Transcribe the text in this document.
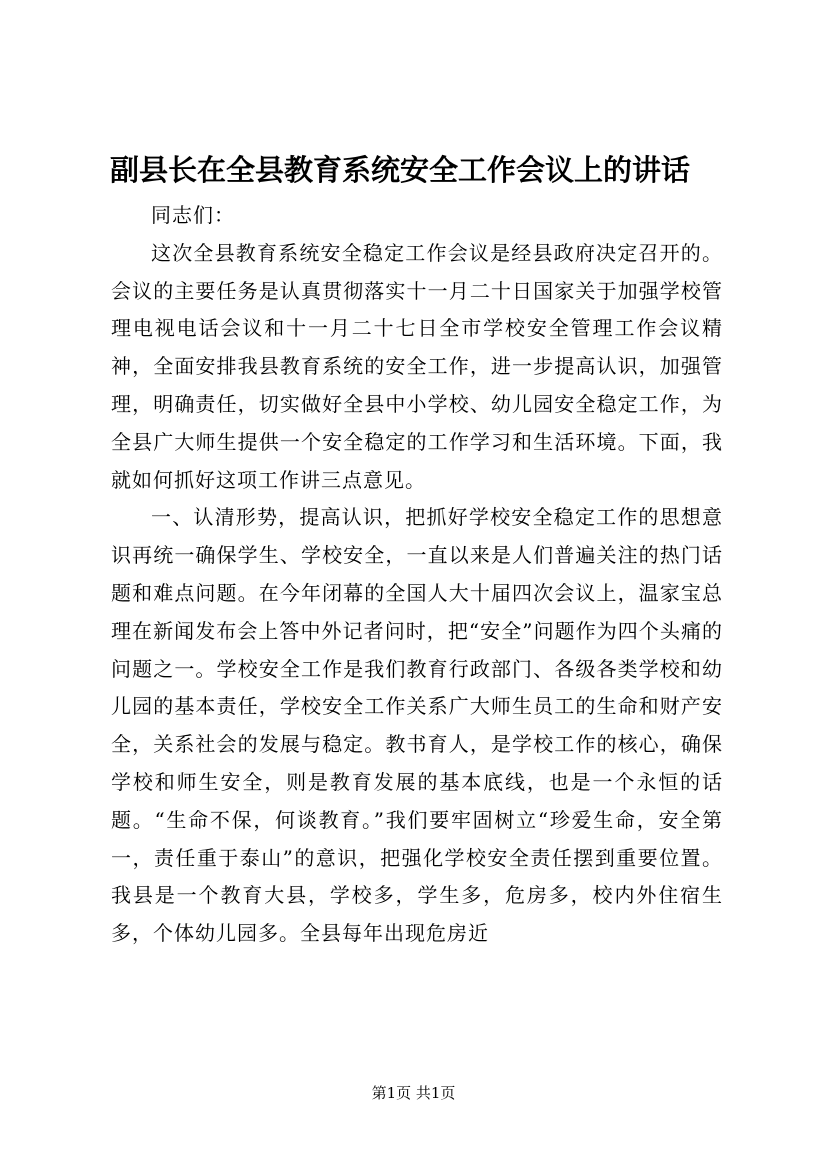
副县长在全县教育系统安全工作会议上的讲话

同志们：

这次全县教育系统安全稳定工作会议是经县政府决定召开的。会议的主要任务是认真贯彻落实十一月二十日国家关于加强学校管理电视电话会议和十一月二十七日全市学校安全管理工作会议精神，全面安排我县教育系统的安全工作，进一步提高认识，加强管理，明确责任，切实做好全县中小学校、幼儿园安全稳定工作，为全县广大师生提供一个安全稳定的工作学习和生活环境。下面，我就如何抓好这项工作讲三点意见。

一、认清形势，提高认识，把抓好学校安全稳定工作的思想意识再统一确保学生、学校安全，一直以来是人们普遍关注的热门话题和难点问题。在今年闭幕的全国人大十届四次会议上，温家宝总理在新闻发布会上答中外记者问时，把“安全”问题作为四个头痛的问题之一。学校安全工作是我们教育行政部门、各级各类学校和幼儿园的基本责任，学校安全工作关系广大师生员工的生命和财产安全，关系社会的发展与稳定。教书育人，是学校工作的核心，确保学校和师生安全，则是教育发展的基本底线，也是一个永恒的话题。“生命不保，何谈教育。”我们要牢固树立“珍爱生命，安全第一，责任重于泰山”的意识，把强化学校安全责任摆到重要位置。我县是一个教育大县，学校多，学生多，危房多，校内外住宿生多，个体幼儿园多。全县每年出现危房近

第1页 共1页
